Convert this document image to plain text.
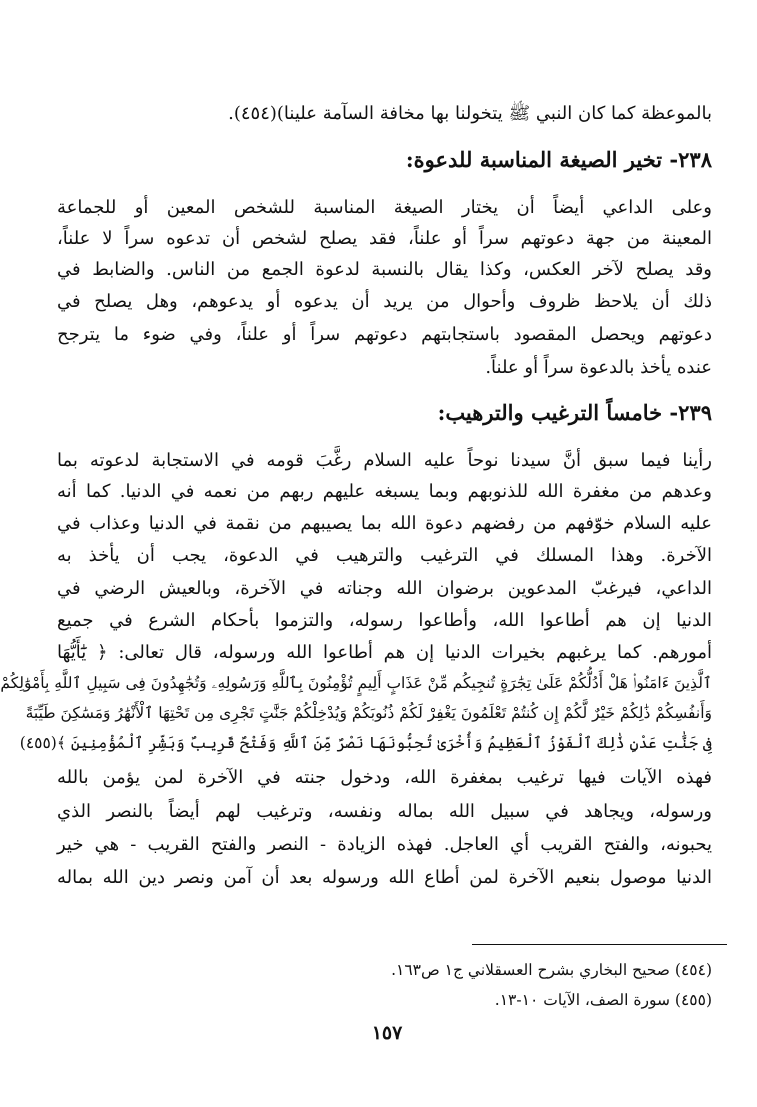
بالموعظة كما كان النبي ﷺ يتخولنا بها مخافة السآمة علينا)(٤٥٤).
٢٣٨- تخير الصيغة المناسبة للدعوة:
وعلى الداعي أيضاً أن يختار الصيغة المناسبة للشخص المعين أو للجماعة
المعينة من جهة دعوتهم سراً أو علناً، فقد يصلح لشخص أن تدعوه سراً لا علناً،
وقد يصلح لآخر العكس، وكذا يقال بالنسبة لدعوة الجمع من الناس. والضابط في
ذلك أن يلاحظ ظروف وأحوال من يريد أن يدعوه أو يدعوهم، وهل يصلح في
دعوتهم ويحصل المقصود باستجابتهم دعوتهم سراً أو علناً، وفي ضوء ما يترجح
عنده يأخذ بالدعوة سراً أو علناً.
٢٣٩- خامساً الترغيب والترهيب:
رأينا فيما سبق أنَّ سيدنا نوحاً عليه السلام رغَّبَ قومه في الاستجابة لدعوته بما
وعدهم من مغفرة الله للذنوبهم وبما يسبغه عليهم ربهم من نعمه في الدنيا. كما أنه
عليه السلام خوّفهم من رفضهم دعوة الله بما يصيبهم من نقمة في الدنيا وعذاب في
الآخرة. وهذا المسلك في الترغيب والترهيب في الدعوة، يجب أن يأخذ به
الداعي، فيرغبّ المدعوين برضوان الله وجناته في الآخرة، وبالعيش الرضي في
الدنيا إن هم أطاعوا الله، وأطاعوا رسوله، والتزموا بأحكام الشرع في جميع
أمورهم. كما يرغبهم بخيرات الدنيا إن هم أطاعوا الله ورسوله، قال تعالى: ﴿ يَٰٓأَيُّهَا
ٱلَّذِينَ ءَامَنُوا۟ هَلْ أَدُلُّكُمْ عَلَىٰ تِجَٰرَةٍ تُنجِيكُم مِّنْ عَذَابٍ أَلِيمٍ تُؤْمِنُونَ بِٱللَّهِ وَرَسُولِهِۦ وَتُجَٰهِدُونَ فِى سَبِيلِ ٱللَّهِ بِأَمْوَٰلِكُمْ
وَأَنفُسِكُمْ ذَٰلِكُمْ خَيْرٌ لَّكُمْ إِن كُنتُمْ تَعْلَمُونَ يَغْفِرْ لَكُمْ ذُنُوبَكُمْ وَيُدْخِلْكُمْ جَنَّٰتٍ تَجْرِى مِن تَحْتِهَا ٱلْأَنْهَٰرُ وَمَسَٰكِنَ طَيِّبَةً
فِى جَنَّٰتِ عَدْنٍ ذَٰلِكَ ٱلْفَوْزُ ٱلْعَظِيمُ وَأُخْرَىٰ تُحِبُّونَهَا نَصْرٌ مِّنَ ٱللَّهِ وَفَتْحٌ قَرِيبٌ وَبَشِّرِ ٱلْمُؤْمِنِينَ ﴾(٤٥٥)
فهذه الآيات فيها ترغيب بمغفرة الله، ودخول جنته في الآخرة لمن يؤمن بالله
ورسوله، ويجاهد في سبيل الله بماله ونفسه، وترغيب لهم أيضاً بالنصر الذي
يحبونه، والفتح القريب أي العاجل. فهذه الزيادة - النصر والفتح القريب - هي خير
الدنيا موصول بنعيم الآخرة لمن أطاع الله ورسوله بعد أن آمن ونصر دين الله بماله
(٤٥٤) صحيح البخاري بشرح العسقلاني ج١ ص١٦٣.
(٤٥٥) سورة الصف، الآيات ١٠-١٣.
١٥٧
